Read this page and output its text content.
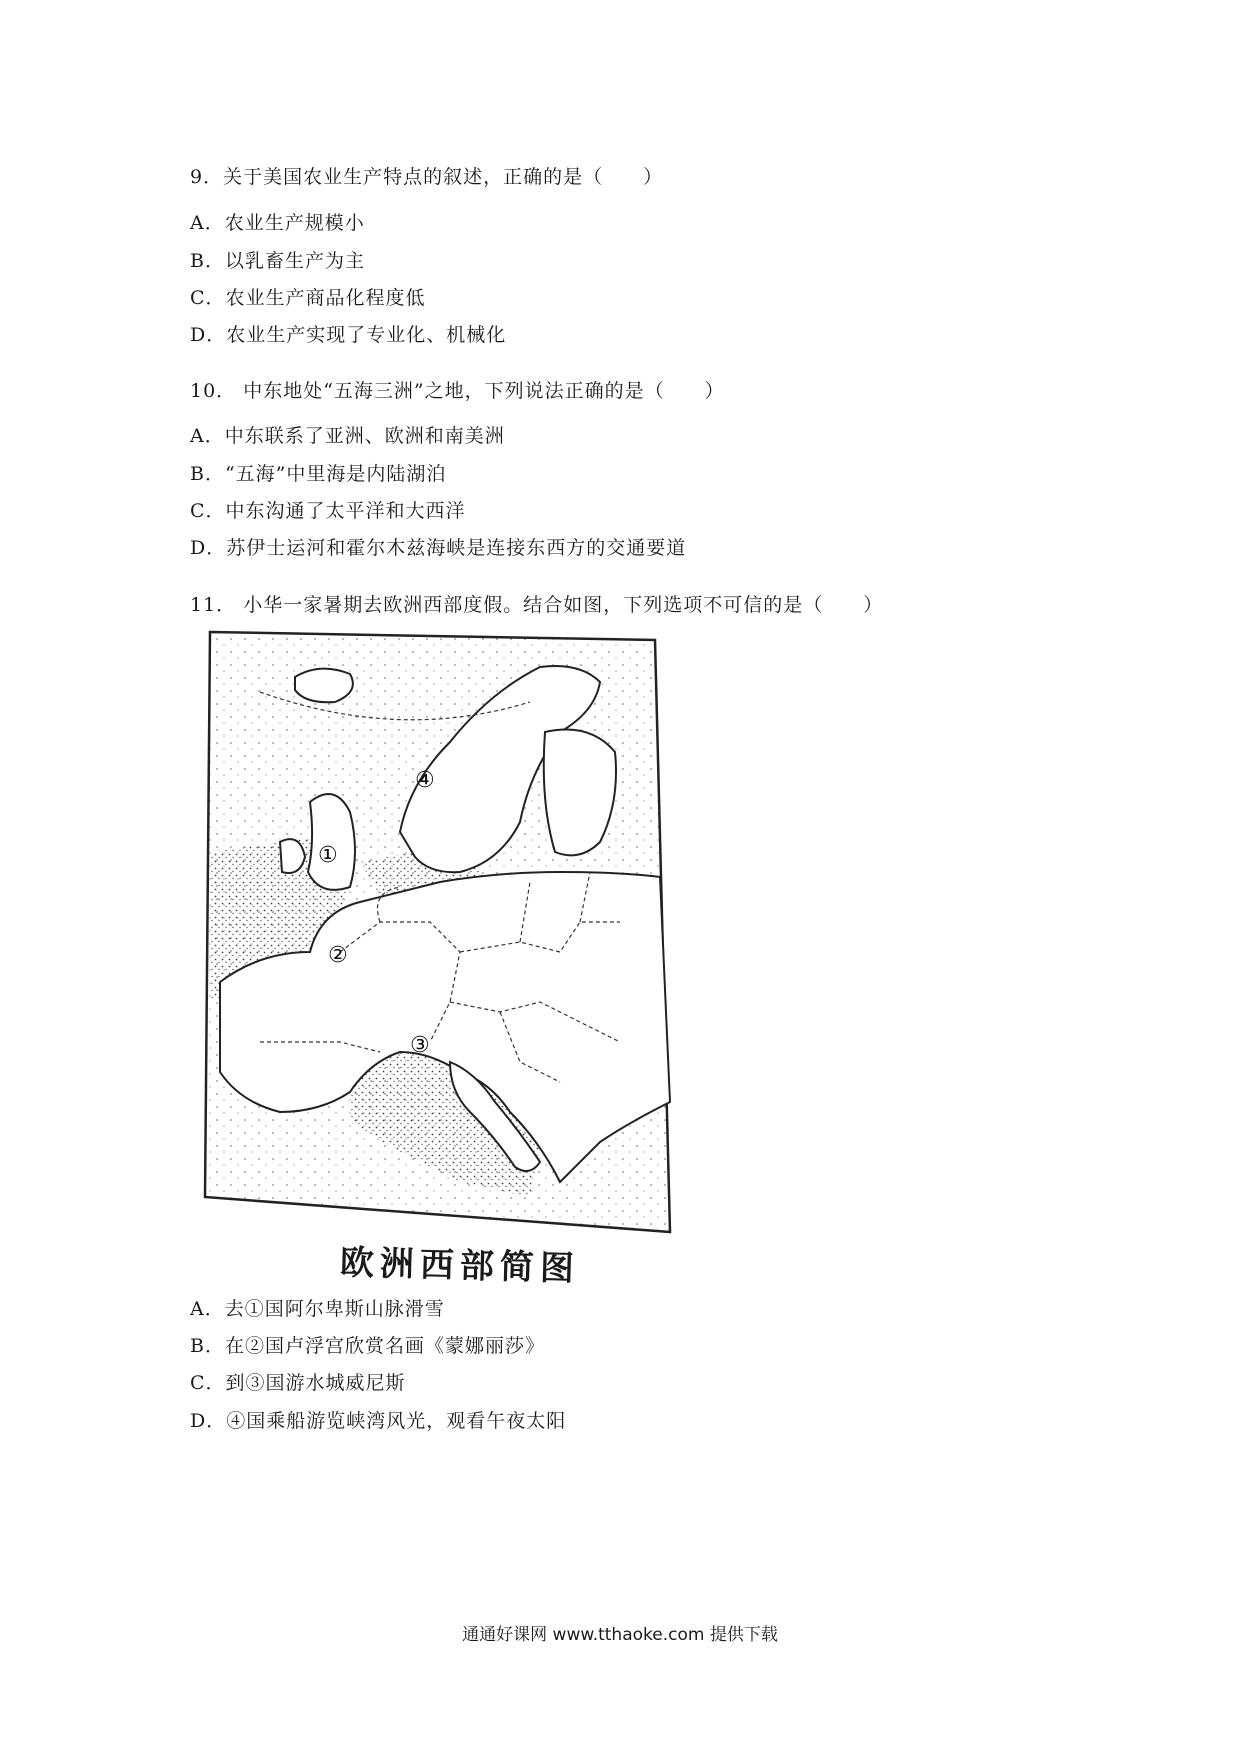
9．关于美国农业生产特点的叙述，正确的是（　　）
A．农业生产规模小
B．以乳畜生产为主
C．农业生产商品化程度低
D．农业生产实现了专业化、机械化
10． 中东地处“五海三洲”之地，下列说法正确的是（　　）
A．中东联系了亚洲、欧洲和南美洲
B．“五海”中里海是内陆湖泊
C．中东沟通了太平洋和大西洋
D．苏伊士运河和霍尔木兹海峡是连接东西方的交通要道
11． 小华一家暑期去欧洲西部度假。结合如图，下列选项不可信的是（　　）
①
②
③
④
欧洲西部简图
A．去①国阿尔卑斯山脉滑雪
B．在②国卢浮宫欣赏名画《蒙娜丽莎》
C．到③国游水城威尼斯
D．④国乘船游览峡湾风光，观看午夜太阳
通通好课网 www.tthaoke.com 提供下载
